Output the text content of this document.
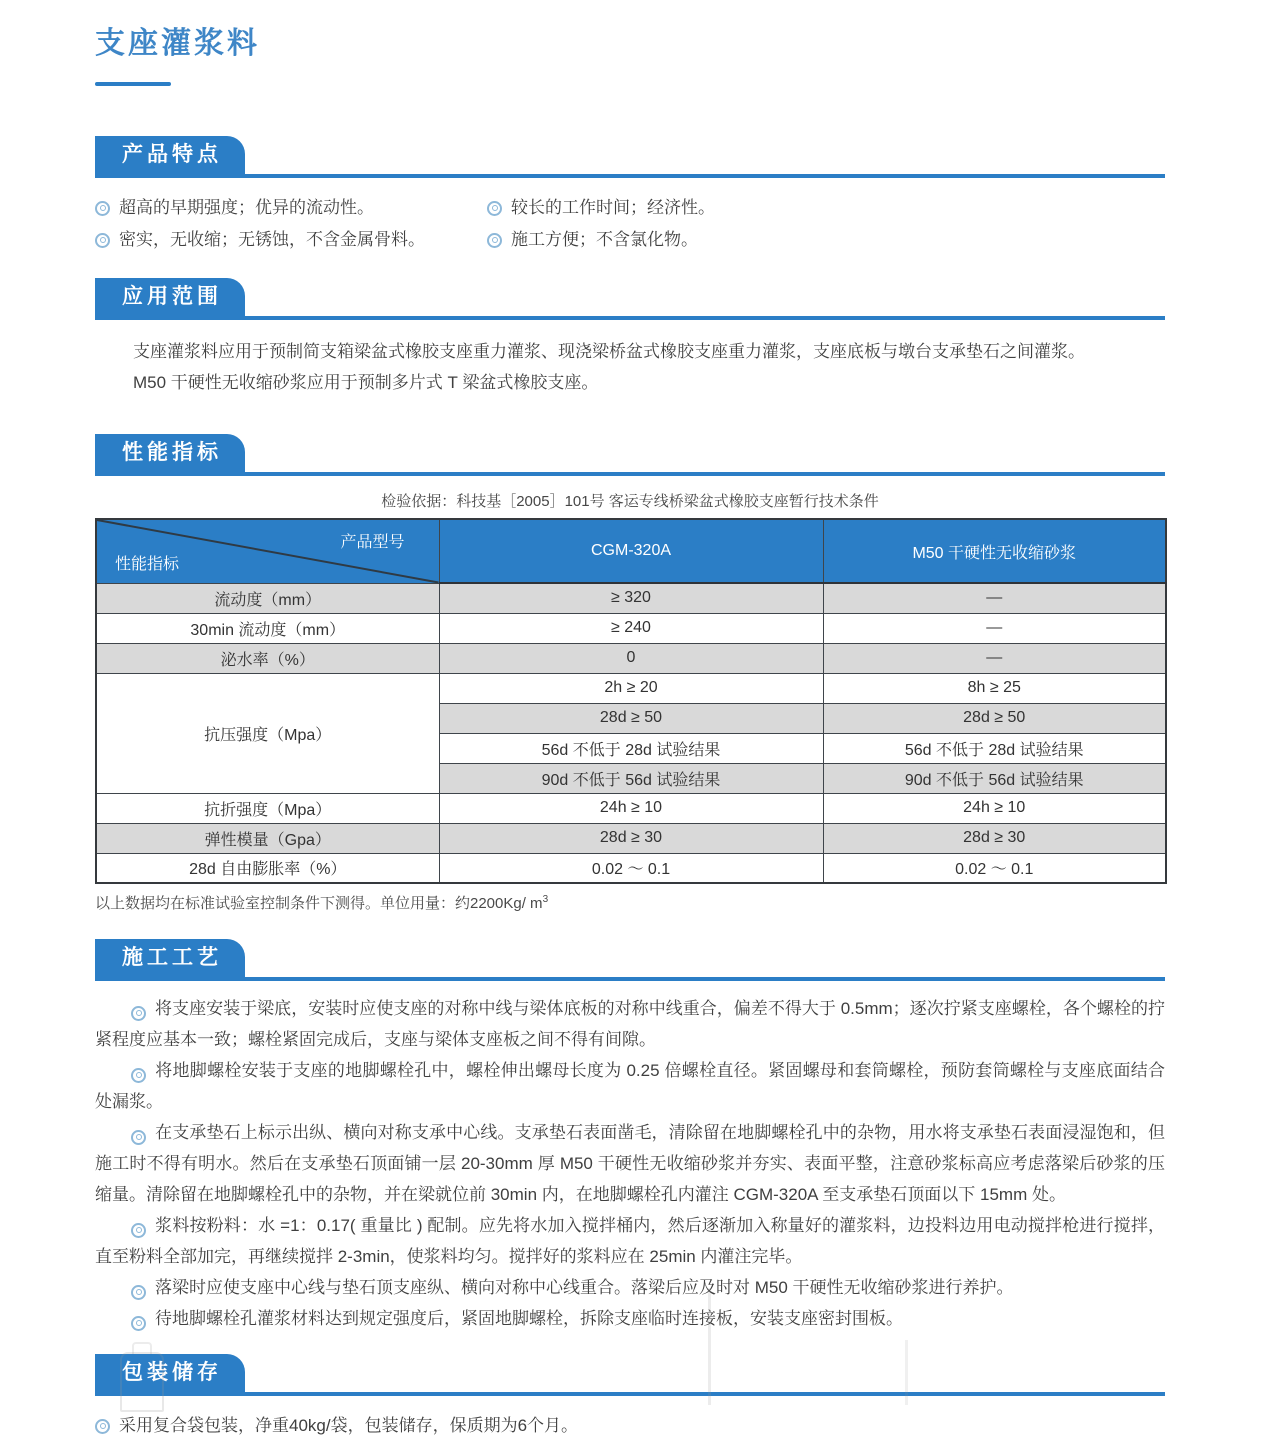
支座灌浆料
产品特点
超高的早期强度；优异的流动性。
密实，无收缩；无锈蚀，不含金属骨料。
较长的工作时间；经济性。
施工方便；不含氯化物。
应用范围
支座灌浆料应用于预制简支箱梁盆式橡胶支座重力灌浆、现浇梁桥盆式橡胶支座重力灌浆，支座底板与墩台支承垫石之间灌浆。
M50 干硬性无收缩砂浆应用于预制多片式 T 梁盆式橡胶支座。
性能指标
检验依据：科技基［2005］101号 客运专线桥梁盆式橡胶支座暂行技术条件
产品型号
性能指标	CGM-320A	M50 干硬性无收缩砂浆
流动度（mm）	≥ 320	—
30min 流动度（mm）	≥ 240	—
泌水率（%）	0	—
抗压强度（Mpa）	2h ≥ 20	8h ≥ 25
	28d ≥ 50	28d ≥ 50
	56d 不低于 28d 试验结果	56d 不低于 28d 试验结果
	90d 不低于 56d 试验结果	90d 不低于 56d 试验结果
抗折强度（Mpa）	24h ≥ 10	24h ≥ 10
弹性模量（Gpa）	28d ≥ 30	28d ≥ 30
28d 自由膨胀率（%）	0.02 ～ 0.1	0.02 ～ 0.1
以上数据均在标准试验室控制条件下测得。单位用量：约2200Kg/ $m^3$
施工工艺

将支座安装于梁底，安装时应使支座的对称中线与梁体底板的对称中线重合，偏差不得大于 0.5mm；逐次拧紧支座螺栓，各个螺栓的拧紧程度应基本一致；螺栓紧固完成后，支座与梁体支座板之间不得有间隙。

将地脚螺栓安装于支座的地脚螺栓孔中，螺栓伸出螺母长度为 0.25 倍螺栓直径。紧固螺母和套筒螺栓，预防套筒螺栓与支座底面结合处漏浆。

在支承垫石上标示出纵、横向对称支承中心线。支承垫石表面凿毛，清除留在地脚螺栓孔中的杂物，用水将支承垫石表面浸湿饱和，但施工时不得有明水。然后在支承垫石顶面铺一层 20-30mm 厚 M50 干硬性无收缩砂浆并夯实、表面平整，注意砂浆标高应考虑落梁后砂浆的压缩量。清除留在地脚螺栓孔中的杂物，并在梁就位前 30min 内，在地脚螺栓孔内灌注 CGM-320A 至支承垫石顶面以下 15mm 处。

浆料按粉料：水 =1：0.17( 重量比 ) 配制。应先将水加入搅拌桶内，然后逐渐加入称量好的灌浆料，边投料边用电动搅拌枪进行搅拌，直至粉料全部加完，再继续搅拌 2-3min，使浆料均匀。搅拌好的浆料应在 25min 内灌注完毕。

落梁时应使支座中心线与垫石顶支座纵、横向对称中心线重合。落梁后应及时对 M50 干硬性无收缩砂浆进行养护。

待地脚螺栓孔灌浆材料达到规定强度后，紧固地脚螺栓，拆除支座临时连接板，安装支座密封围板。

包装储存
采用复合袋包装，净重40kg/袋，包装储存，保质期为6个月。
